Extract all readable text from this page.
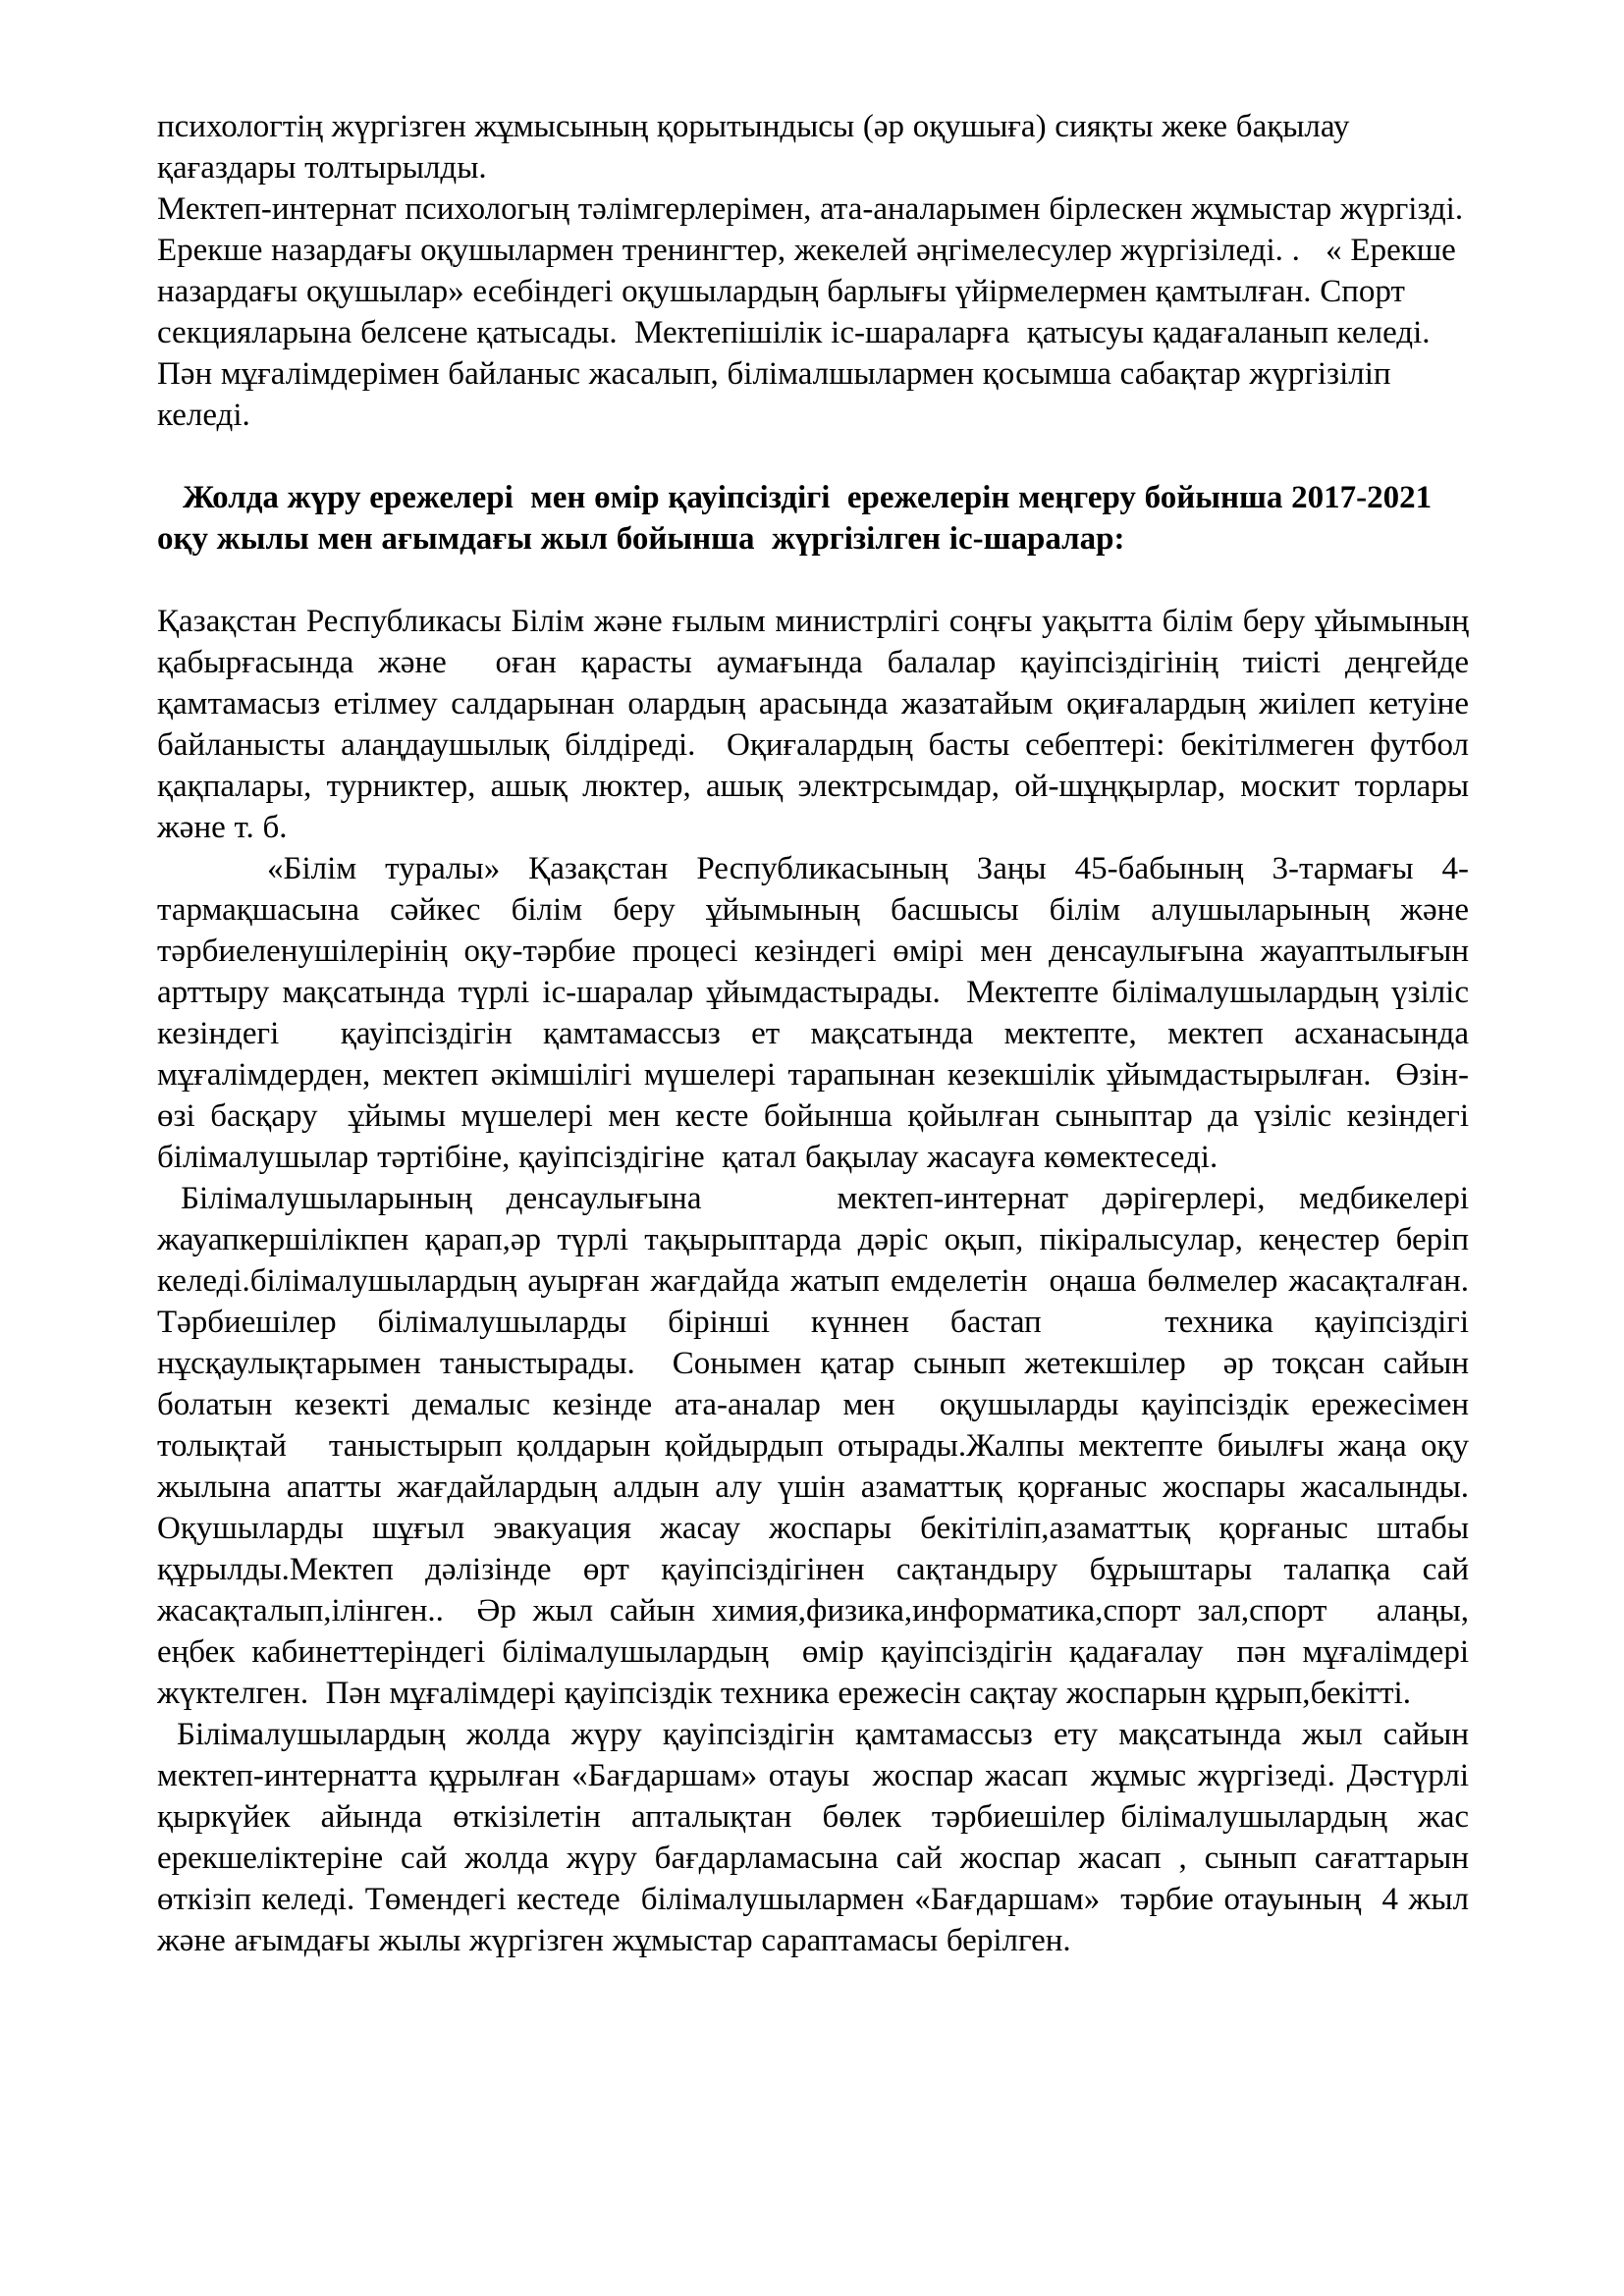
психологтің жүргізген жұмысының қорытындысы (әр оқушыға) сияқты жеке бақылау қағаздары толтырылды.

Мектеп-интернат психологың тәлімгерлерімен, ата-аналарымен бірлескен жұмыстар жүргізді. Ерекше назардағы оқушылармен тренингтер, жекелей әңгімелесулер жүргізіледі. .   « Ерекше назардағы оқушылар» есебіндегі оқушылардың барлығы үйірмелермен қамтылған. Спорт секцияларына белсене қатысады.  Мектепішілік іс-шараларға  қатысуы қадағаланып келеді. Пән мұғалімдерімен байланыс жасалып, білімалшылармен қосымша сабақтар жүргізіліп келеді.

Жолда жүру ережелері  мен өмір қауіпсіздігі  ережелерін меңгеру бойынша 2017-2021 оқу жылы мен ағымдағы жыл бойынша  жүргізілген іс-шаралар:

Қазақстан Республикасы Білім және ғылым министрлігі соңғы уақытта білім беру ұйымының қабырғасында және  оған қарасты аумағында балалар қауіпсіздігінің тиісті деңгейде қамтамасыз етілмеу салдарынан олардың арасында жазатайым оқиғалардың жиілеп кетуіне байланысты алаңдаушылық білдіреді.  Оқиғалардың басты себептері: бекітілмеген футбол қақпалары, турниктер, ашық люктер, ашық электрсымдар, ой-шұңқырлар, москит торлары және т. б.

«Білім туралы» Қазақстан Республикасының Заңы 45-бабының 3-тармағы 4-тармақшасына сәйкес білім беру ұйымының басшысы білім алушыларының және тәрбиеленушілерінің оқу-тәрбие процесі кезіндегі өмірі мен денсаулығына жауаптылығын арттыру мақсатында түрлі іс-шаралар ұйымдастырады.  Мектепте білімалушылардың үзіліс кезіндегі  қауіпсіздігін қамтамассыз ет мақсатында мектепте, мектеп асханасында мұғалімдерден, мектеп әкімшілігі мүшелері тарапынан кезекшілік ұйымдастырылған.  Өзін-өзі басқару  ұйымы мүшелері мен кесте бойынша қойылған сыныптар да үзіліс кезіндегі білімалушылар тәртібіне, қауіпсіздігіне  қатал бақылау жасауға көмектеседі.

Білімалушыларының денсаулығына    мектеп-интернат дәрігерлері, медбикелері жауапкершілікпен қарап,әр түрлі тақырыптарда дәріс оқып, пікіралысулар, кеңестер беріп келеді.білімалушылардың ауырған жағдайда жатып емделетін  оңаша бөлмелер жасақталған.    Тәрбиешілер білімалушыларды бірінші күннен бастап   техника қауіпсіздігі нұсқаулықтарымен таныстырады.  Сонымен қатар сынып жетекшілер  әр тоқсан сайын болатын кезекті демалыс кезінде ата-аналар мен  оқушыларды қауіпсіздік ережесімен толықтай   таныстырып қолдарын қойдырдып отырады.Жалпы мектепте биылғы жаңа оқу жылына апатты жағдайлардың алдын алу үшін азаматтық қорғаныс жоспары жасалынды. Оқушыларды шұғыл эвакуация жасау жоспары бекітіліп,азаматтық қорғаныс штабы құрылды.Мектеп дәлізінде өрт қауіпсіздігінен сақтандыру бұрыштары талапқа сай  жасақталып,ілінген..  Әр жыл сайын химия,физика,информатика,спорт зал,спорт   алаңы, еңбек кабинеттеріндегі білімалушылардың  өмір қауіпсіздігін қадағалау  пән мұғалімдері жүктелген.  Пән мұғалімдері қауіпсіздік техника ережесін сақтау жоспарын құрып,бекітті.

Білімалушылардың жолда жүру қауіпсіздігін қамтамассыз ету мақсатында жыл сайын мектеп-интернатта құрылған «Бағдаршам» отауы  жоспар жасап  жұмыс жүргізеді. Дәстүрлі  қыркүйек  айында  өткізілетін  апталықтан  бөлек  тәрбиешілер білімалушылардың  жас ерекшеліктеріне сай жолда жүру бағдарламасына сай жоспар жасап , сынып сағаттарын өткізіп келеді. Төмендегі кестеде  білімалушылармен «Бағдаршам»  тәрбие отауының  4 жыл және ағымдағы жылы жүргізген жұмыстар сараптамасы берілген.
